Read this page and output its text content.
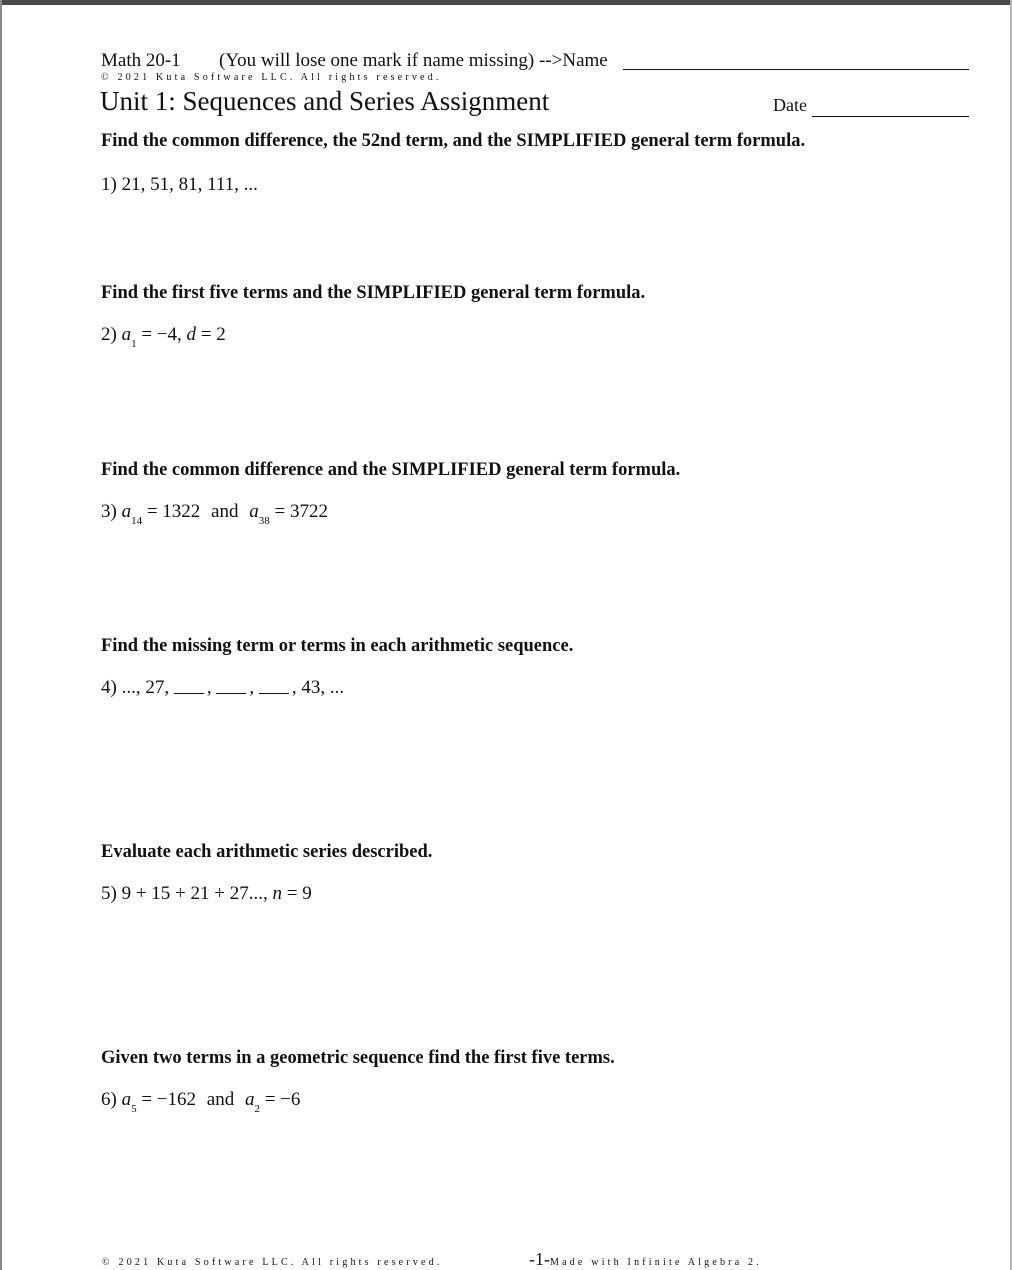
Math 20-1 (You will lose one mark if name missing) -->Name
© 2021 Kuta Software LLC. All rights reserved.
Unit 1: Sequences and Series Assignment	Date
Find the common difference, the 52nd term, and the SIMPLIFIED general term formula.
1) 21, 51, 81, 111, ...
Find the first five terms and the SIMPLIFIED general term formula.
2) $a_1 = -4$, d = 2
Find the common difference and the SIMPLIFIED general term formula.
3) $a_{14} = 1322$ and $a_{38} = 3722$
Find the missing term or terms in each arithmetic sequence.
4) ..., 27, , , , 43, ...
Evaluate each arithmetic series described.
5) 9 + 15 + 21 + 27..., n = 9
Given two terms in a geometric sequence find the first five terms.
6) $a_5 = -162$ and $a_2 = -6$
© 2021 Kuta Software LLC. All rights reserved.	-1- Made with Infinite Algebra 2.
